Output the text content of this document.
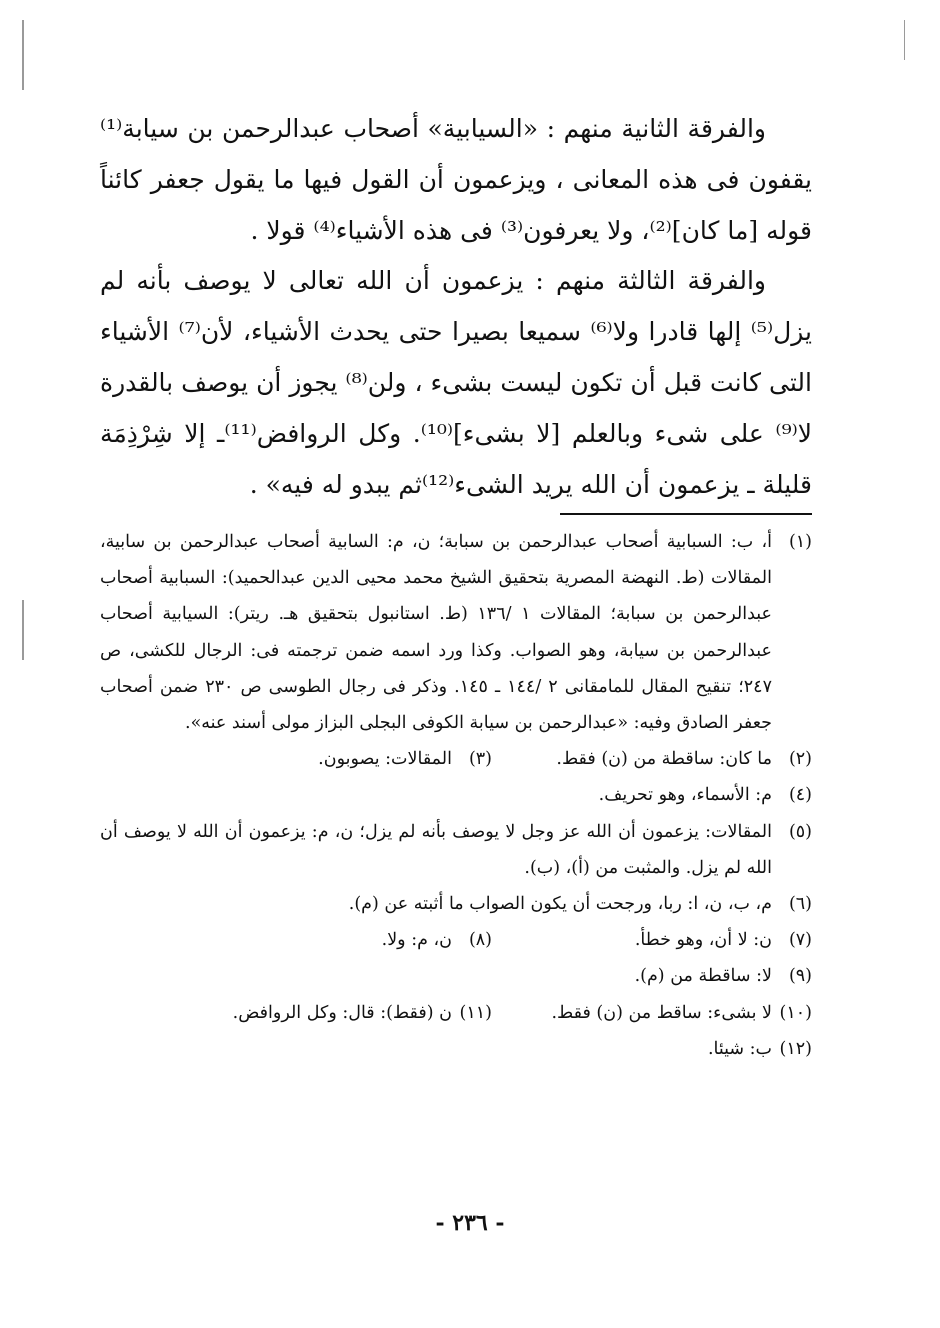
والفرقة الثانية منهم : «السيابية» أصحاب عبدالرحمن بن سيابة⁽¹⁾ يقفون فى هذه المعانى ، ويزعمون أن القول فيها ما يقول جعفر كائناً قوله [ما كان]⁽²⁾، ولا يعرفون⁽³⁾ فى هذه الأشياء⁽⁴⁾ قولا .

والفرقة الثالثة منهم : يزعمون أن الله تعالى لا يوصف بأنه لم يزل⁽⁵⁾ إلها قادرا ولا⁽⁶⁾ سميعا بصيرا حتى يحدث الأشياء، لأن⁽⁷⁾ الأشياء التى كانت قبل أن تكون ليست بشىء ، ولن⁽⁸⁾ يجوز أن يوصف بالقدرة لا⁽⁹⁾ على شىء وبالعلم [لا بشىء]⁽¹⁰⁾. وكل الروافض⁽¹¹⁾ـ إلا شِرْذِمَة قليلة ـ يزعمون أن الله يريد الشىء⁽¹²⁾ثم يبدو له فيه» .

(١)
أ، ب: السبابية أصحاب عبدالرحمن بن سبابة؛ ن، م: السابية أصحاب عبدالرحمن بن سابية، المقالات (ط. النهضة المصرية بتحقيق الشيخ محمد محيى الدين عبدالحميد): السبابية أصحاب عبدالرحمن بن سبابة؛ المقالات ١ /١٣٦ (ط. استانبول بتحقيق هـ. ريتر): السيابية أصحاب عبدالرحمن بن سيابة، وهو الصواب. وكذا ورد اسمه ضمن ترجمته فى: الرجال للكشى، ص ٢٤٧؛ تنقيح المقال للمامقانى ٢ /١٤٤ ـ ١٤٥. وذكر فى رجال الطوسى ص ٢٣٠ ضمن أصحاب جعفر الصادق وفيه: «عبدالرحمن بن سيابة الكوفى البجلى البزاز مولى أسند عنه».
(٢)
ما كان: ساقطة من (ن) فقط.
(٣)
المقالات: يصوبون.
(٤)
م: الأسماء، وهو تحريف.
(٥)
المقالات: يزعمون أن الله عز وجل لا يوصف بأنه لم يزل؛ ن، م: يزعمون أن الله لا يوصف أن الله لم يزل. والمثبت من (أ)، (ب).
(٦)
م، ب، ن، ا: ربا، ورجحت أن يكون الصواب ما أثبته عن (م).
(٧)
ن: لا أن، وهو خطأ.
(٨)
ن، م: ولا.
(٩)
لا: ساقطة من (م).
(١٠)
لا بشىء: ساقط من (ن) فقط.
(١١)
ن (فقط): قال: وكل الروافض.
(١٢)
ب: شيئا.
- ٢٣٦ -
